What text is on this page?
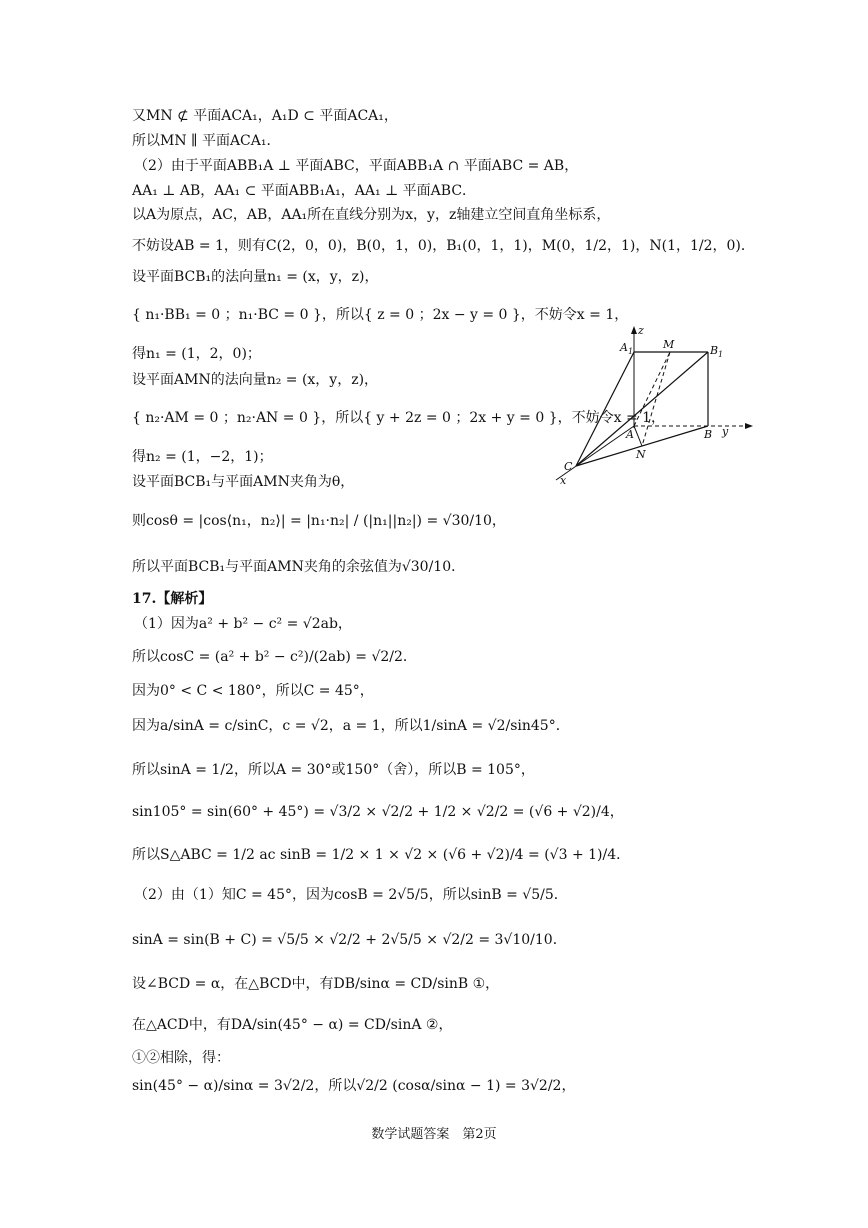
又MN ⊄ 平面ACA₁，A₁D ⊂ 平面ACA₁，
所以MN ∥ 平面ACA₁．
（2）由于平面ABB₁A ⊥ 平面ABC，平面ABB₁A ∩ 平面ABC = AB，
AA₁ ⊥ AB，AA₁ ⊂ 平面ABB₁A₁，AA₁ ⊥ 平面ABC．
以A为原点，AC，AB，AA₁所在直线分别为x，y，z轴建立空间直角坐标系，
不妨设AB = 1，则有C(2，0，0)，B(0，1，0)，B₁(0，1，1)，M(0，1/2，1)，N(1，1/2，0)．
设平面BCB₁的法向量n₁ = (x，y，z)，
{ n₁·BB₁ = 0 ；n₁·BC = 0 }，所以{ z = 0 ；2x − y = 0 }，不妨令x = 1，
得n₁ = (1，2，0)；
设平面AMN的法向量n₂ = (x，y，z)，
{ n₂·AM = 0 ；n₂·AN = 0 }，所以{ y + 2z = 0 ；2x + y = 0 }，不妨令x = 1，
得n₂ = (1，−2，1)；
设平面BCB₁与平面AMN夹角为θ，
则cosθ = |cos⟨n₁，n₂⟩| = |n₁·n₂| / (|n₁||n₂|) = √30/10，
所以平面BCB₁与平面AMN夹角的余弦值为√30/10．
17.【解析】
（1）因为a² + b² − c² = √2ab，
所以cosC = (a² + b² − c²)/(2ab) = √2/2．
因为0° < C < 180°，所以C = 45°，
因为a/sinA = c/sinC，c = √2，a = 1，所以1/sinA = √2/sin45°．
所以sinA = 1/2，所以A = 30°或150°（舍），所以B = 105°，
sin105° = sin(60° + 45°) = √3/2 × √2/2 + 1/2 × √2/2 = (√6 + √2)/4，
所以S△ABC = 1/2 ac sinB = 1/2 × 1 × √2 × (√6 + √2)/4 = (√3 + 1)/4．
（2）由（1）知C = 45°，因为cosB = 2√5/5，所以sinB = √5/5．
sinA = sin(B + C) = √5/5 × √2/2 + 2√5/5 × √2/2 = 3√10/10．
设∠BCD = α，在△BCD中，有DB/sinα = CD/sinB ①，
在△ACD中，有DA/sin(45° − α) = CD/sinA ②，
①②相除，得：
sin(45° − α)/sinα = 3√2/2，所以√2/2 (cosα/sinα − 1) = 3√2/2，
z
A 1
M	B 1
A	B y
N
C
x
数学试题答案　第2页
